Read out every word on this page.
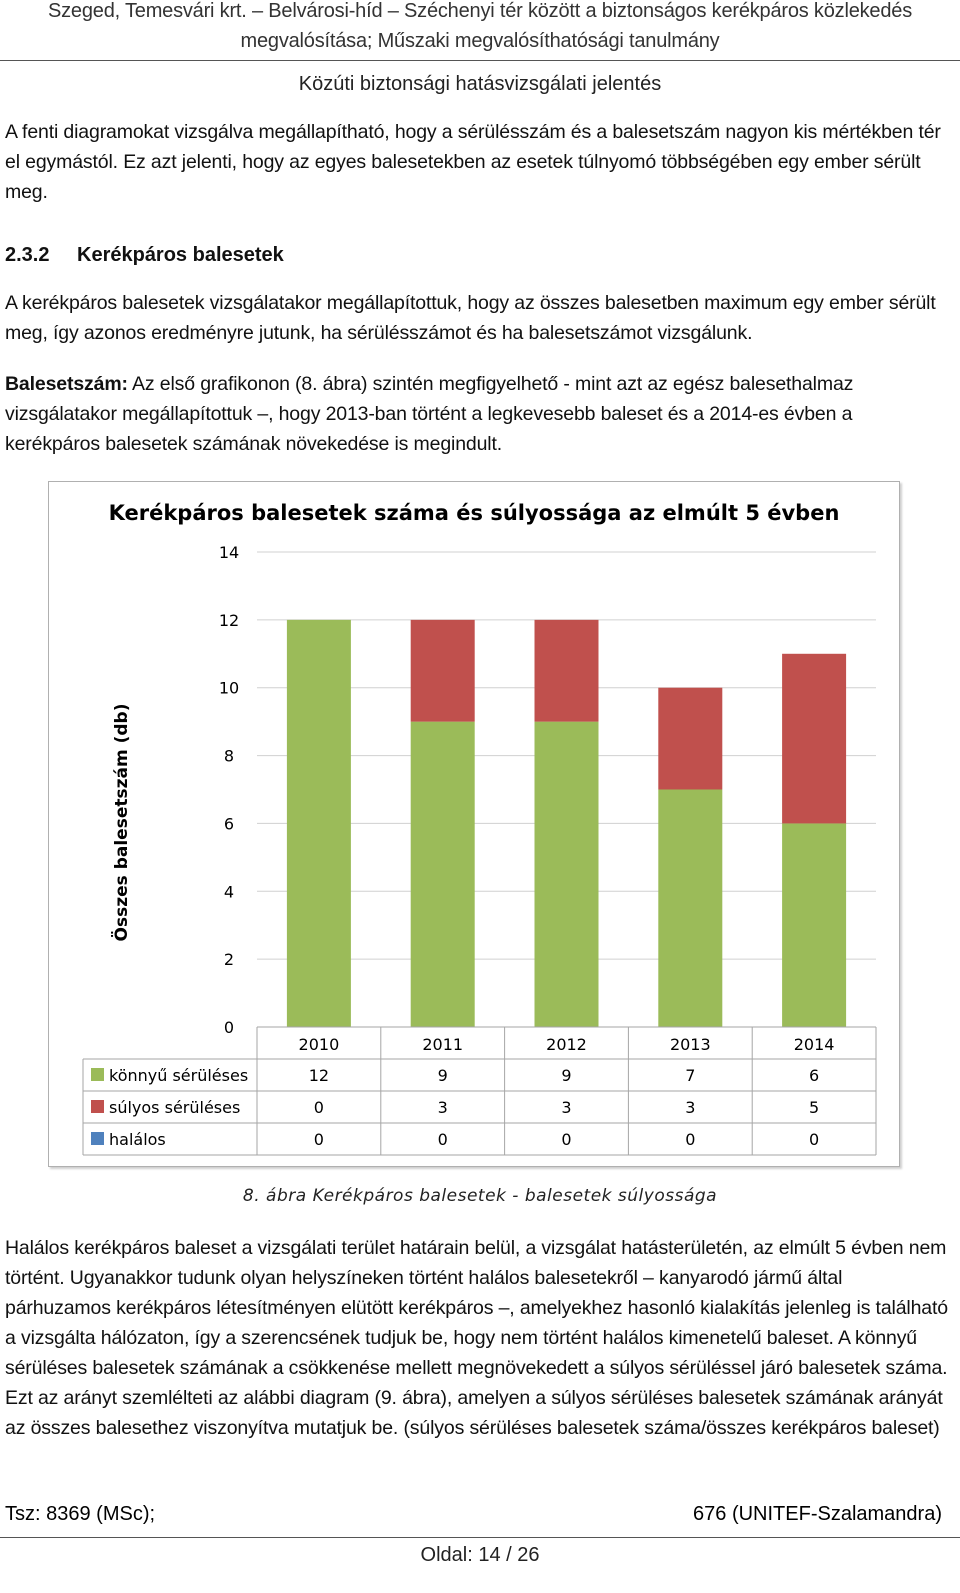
Szeged, Temesvári krt. – Belvárosi-híd – Széchenyi tér között a biztonságos kerékpáros közlekedés
megvalósítása; Műszaki megvalósíthatósági tanulmány
Közúti biztonsági hatásvizsgálati jelentés

A fenti diagramokat vizsgálva megállapítható, hogy a sérülésszám és a balesetszám nagyon kis mértékben tér el egymástól. Ez azt jelenti, hogy az egyes balesetekben az esetek túlnyomó többségében egy ember sérült meg.

2.3.2 Kerékpáros balesetek

A kerékpáros balesetek vizsgálatakor megállapítottuk, hogy az összes balesetben maximum egy ember sérült meg, így azonos eredményre jutunk, ha sérülésszámot és ha balesetszámot vizsgálunk.

Balesetszám: Az első grafikonon (8. ábra) szintén megfigyelhető - mint azt az egész balesethalmaz vizsgálatakor megállapítottuk –, hogy 2013-ban történt a legkevesebb baleset és a 2014-es évben a kerékpáros balesetek számának növekedése is megindult.

Kerékpáros balesetek száma és súlyossága az elmúlt 5 évben
Összes balesetszám (db)
0
2
4
6
8
10
12
14
2010	2011	2012	2013	2014
könnyű sérüléses	12	9	9	7	6
súlyos sérüléses	0	3	3	3	5
halálos	0	0	0	0	0
8. ábra Kerékpáros balesetek - balesetek súlyossága

Halálos kerékpáros baleset a vizsgálati terület határain belül, a vizsgálat hatásterületén, az elmúlt 5 évben nem történt. Ugyanakkor tudunk olyan helyszíneken történt halálos balesetekről – kanyarodó jármű által párhuzamos kerékpáros létesítményen elütött kerékpáros –, amelyekhez hasonló kialakítás jelenleg is található a vizsgálta hálózaton, így a szerencsének tudjuk be, hogy nem történt halálos kimenetelű baleset. A könnyű sérüléses balesetek számának a csökkenése mellett megnövekedett a súlyos sérüléssel járó balesetek száma. Ezt az arányt szemlélteti az alábbi diagram (9. ábra), amelyen a súlyos sérüléses balesetek számának arányát az összes balesethez viszonyítva mutatjuk be. (súlyos sérüléses balesetek száma/összes kerékpáros baleset)

Tsz: 8369 (MSc);	676 (UNITEF-Szalamandra)
Oldal: 14 / 26
